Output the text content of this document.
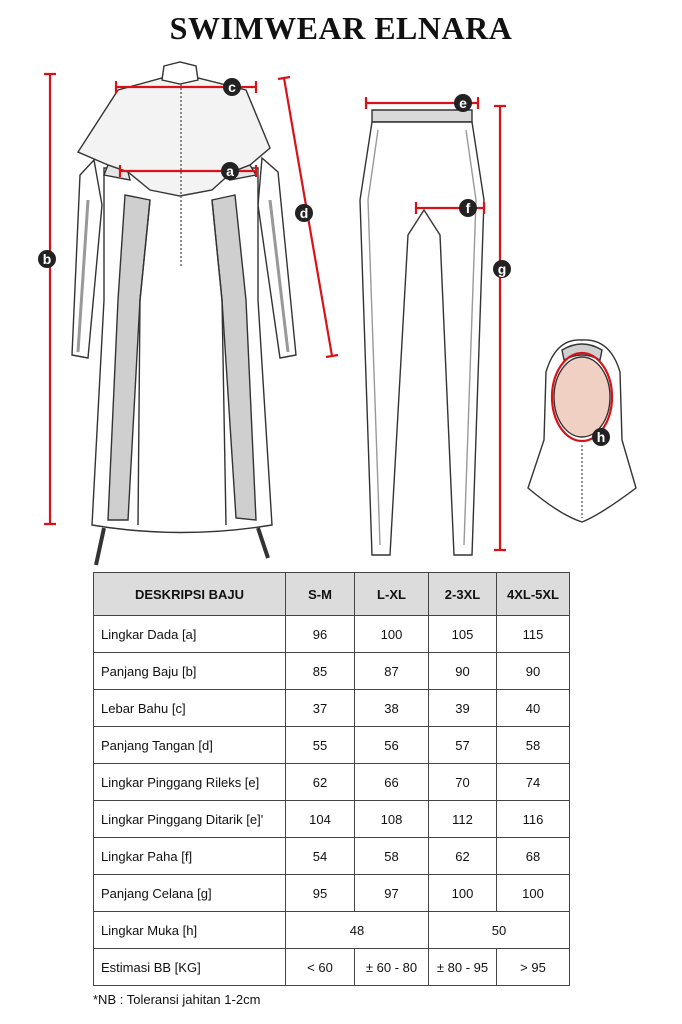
SWIMWEAR ELNARA
a
b
c
d
e
f
g
h
DESKRIPSI BAJU	S-M	L-XL	2-3XL	4XL-5XL
Lingkar Dada [a]	96	100	105	115
Panjang Baju [b]	85	87	90	90
Lebar Bahu [c]	37	38	39	40
Panjang Tangan [d]	55	56	57	58
Lingkar Pinggang Rileks [e]	62	66	70	74
Lingkar Pinggang Ditarik [e]'	104	108	112	116
Lingkar Paha [f]	54	58	62	68
Panjang Celana [g]	95	97	100	100
Lingkar Muka [h]	48		50	
Estimasi BB [KG]	< 60	± 60 - 80	± 80 - 95	> 95
*NB : Toleransi jahitan 1-2cm
